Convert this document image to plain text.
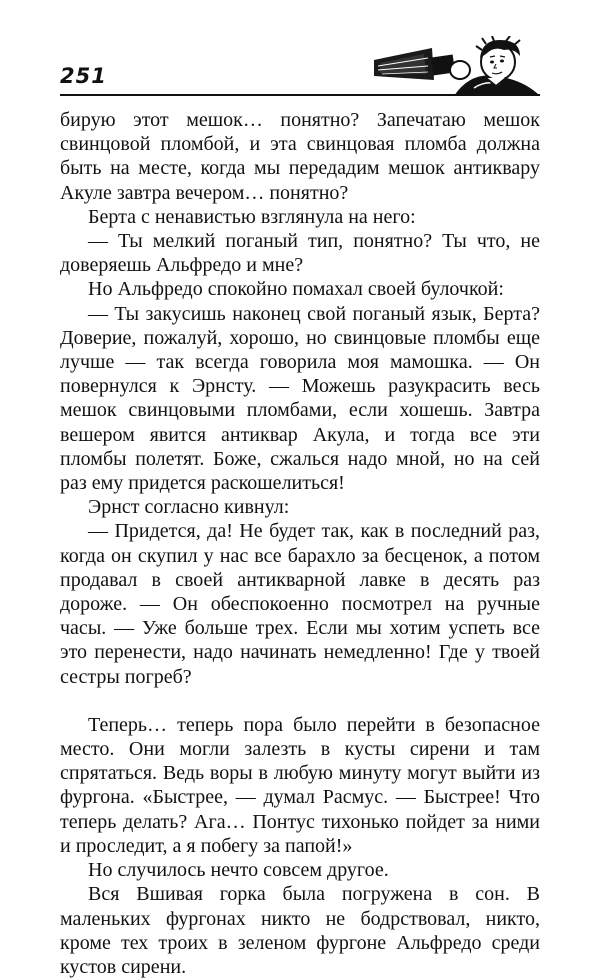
251

бирую этот мешок… понятно? Запечатаю мешок свинцовой пломбой, и эта свинцовая пломба должна быть на месте, когда мы передадим мешок антиквару Акуле завтра вечером… понятно?

Берта с ненавистью взглянула на него:

— Ты мелкий поганый тип, понятно? Ты что, не доверяешь Альфредо и мне?

Но Альфредо спокойно помахал своей булочкой:

— Ты закусишь наконец свой поганый язык, Берта? Доверие, пожалуй, хорошо, но свинцовые пломбы еще лучше — так всегда говорила моя мамошка. — Он повернулся к Эрнсту. — Можешь разукрасить весь мешок свинцовыми пломбами, если хошешь. Завтра вешером явится антиквар Акула, и тогда все эти пломбы полетят. Боже, сжалься надо мной, но на сей раз ему придется раскошелиться!

Эрнст согласно кивнул:

— Придется, да! Не будет так, как в последний раз, когда он скупил у нас все барахло за бесценок, а потом продавал в своей антикварной лавке в десять раз дороже. — Он обеспокоенно посмотрел на ручные часы. — Уже больше трех. Если мы хотим успеть все это перенести, надо начинать немедленно! Где у твоей сестры погреб?

Теперь… теперь пора было перейти в безопасное место. Они могли залезть в кусты сирени и там спрятаться. Ведь воры в любую минуту могут выйти из фургона. «Быстрее, — думал Расмус. — Быстрее! Что теперь делать? Ага… Понтус тихонько пойдет за ними и проследит, а я побегу за папой!»

Но случилось нечто совсем другое.

Вся Вшивая горка была погружена в сон. В маленьких фургонах никто не бодрствовал, никто, кроме тех троих в зеленом фургоне Альфредо среди кустов сирени.
